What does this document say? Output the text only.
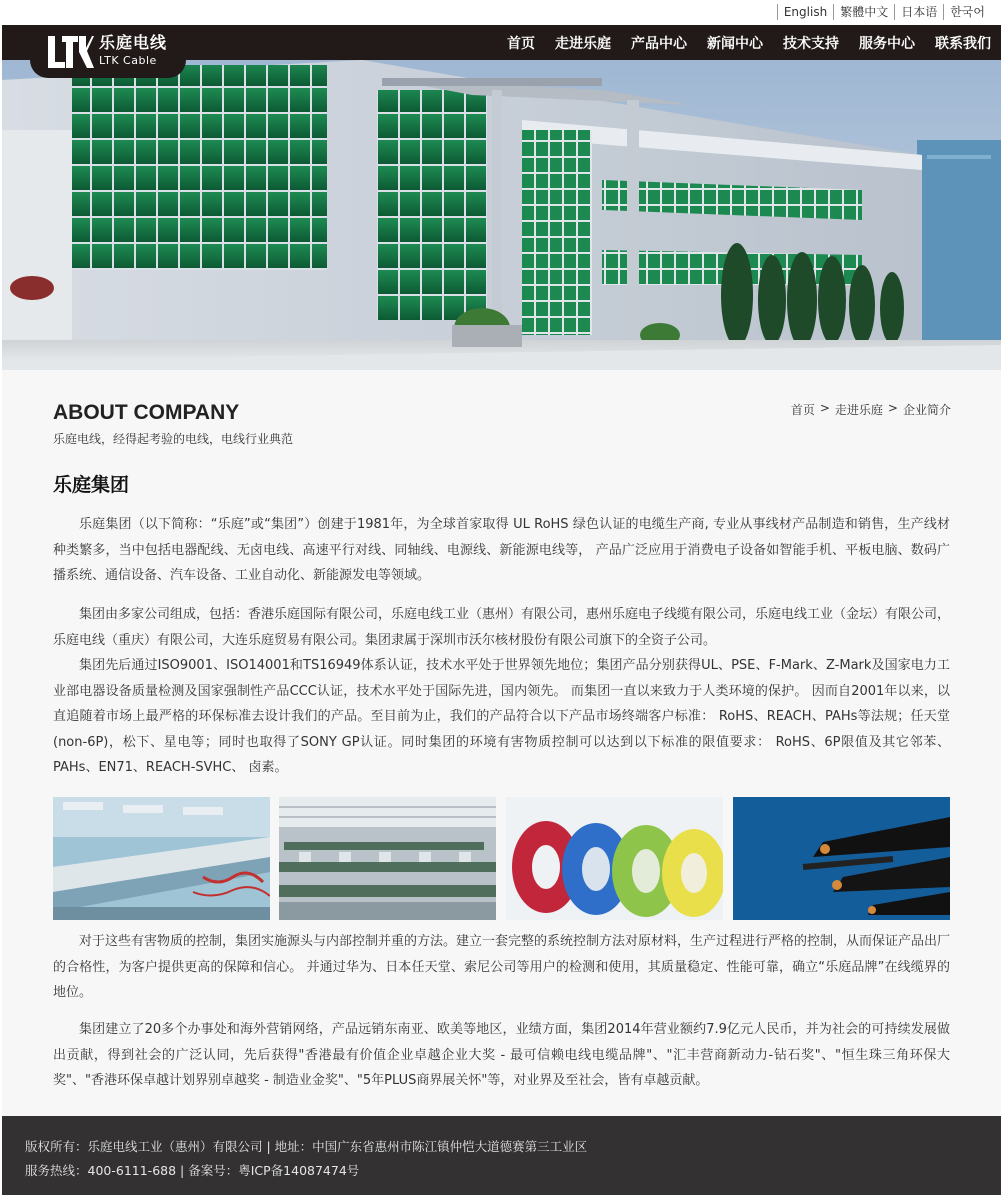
English	繁體中文	日本语	한국어
乐庭电线
LTK Cable
首页 走进乐庭 产品中心 新闻中心 技术支持 服务中心 联系我们
ABOUT COMPANY
乐庭电线，经得起考验的电线，电线行业典范
首页 > 走进乐庭 > 企业简介
乐庭集团

乐庭集团（以下简称：“乐庭”或“集团”）创建于1981年，为全球首家取得 UL RoHS 绿色认证的电缆生产商, 专业从事线材产品制造和销售，生产线材种类繁多，当中包括电器配线、无卤电线、高速平行对线、同轴线、电源线、新能源电线等， 产品广泛应用于消费电子设备如智能手机、平板电脑、数码广播系统、通信设备、汽车设备、工业自动化、新能源发电等领域。

集团由多家公司组成，包括：香港乐庭国际有限公司，乐庭电线工业（惠州）有限公司，惠州乐庭电子线缆有限公司，乐庭电线工业（金坛）有限公司，乐庭电线（重庆）有限公司，大连乐庭贸易有限公司。集团隶属于深圳市沃尔核材股份有限公司旗下的全资子公司。

集团先后通过ISO9001、ISO14001和TS16949体系认证，技术水平处于世界领先地位；集团产品分别获得UL、PSE、F-Mark、Z-Mark及国家电力工业部电器设备质量检测及国家强制性产品CCC认证，技术水平处于国际先进，国内领先。 而集团一直以来致力于人类环境的保护。 因而自2001年以来，以直追随着市场上最严格的环保标准去设计我们的产品。至目前为止，我们的产品符合以下产品市场终端客户标准： RoHS、REACH、PAHs等法规；任天堂(non-6P)，松下、星电等；同时也取得了SONY GP认证。同时集团的环境有害物质控制可以达到以下标准的限值要求： RoHS、6P限值及其它邻苯、PAHs、EN71、REACH-SVHC、 卤素。

对于这些有害物质的控制，集团实施源头与内部控制并重的方法。建立一套完整的系统控制方法对原材料，生产过程进行严格的控制，从而保证产品出厂的合格性，为客户提供更高的保障和信心。 并通过华为、日本任天堂、索尼公司等用户的检测和使用，其质量稳定、性能可靠，确立“乐庭品牌”在线缆界的地位。

集团建立了20多个办事处和海外营销网络，产品远销东南亚、欧美等地区，业绩方面，集团2014年营业额约7.9亿元人民币，并为社会的可持续发展做出贡献，得到社会的广泛认同，先后获得"香港最有价值企业卓越企业大奖 - 最可信赖电线电缆品牌"、"汇丰营商新动力-钻石奖"、"恒生珠三角环保大奖"、"香港环保卓越计划界别卓越奖 - 制造业金奖"、"5年PLUS商界展关怀"等，对业界及至社会，皆有卓越贡献。

版权所有：乐庭电线工业（惠州）有限公司 | 地址：中国广东省惠州市陈江镇仲恺大道德赛第三工业区

服务热线：400-6111-688 | 备案号：粤ICP备14087474号
